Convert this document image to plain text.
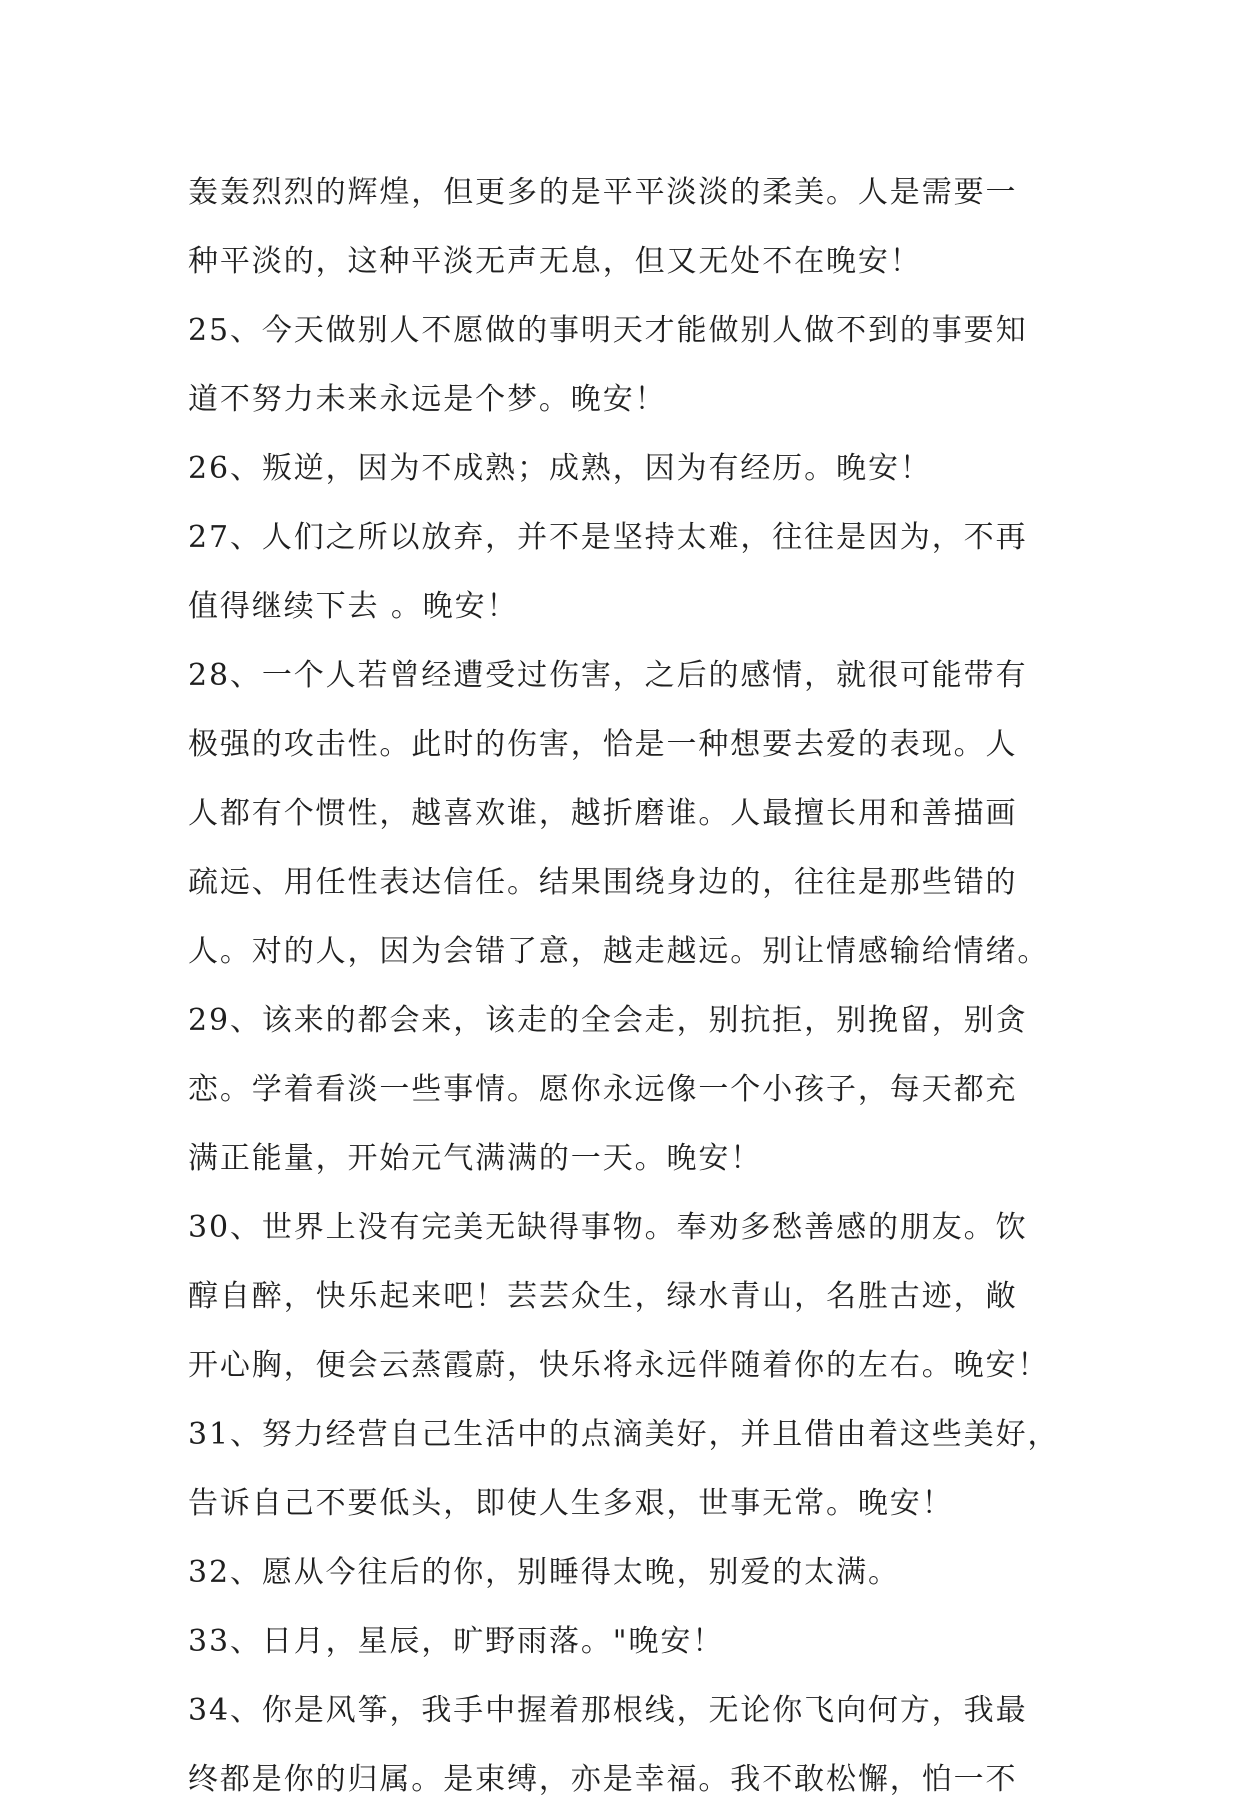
轰轰烈烈的辉煌，但更多的是平平淡淡的柔美。人是需要一
种平淡的，这种平淡无声无息，但又无处不在晚安！
25、今天做别人不愿做的事明天才能做别人做不到的事要知
道不努力未来永远是个梦。晚安！
26、叛逆，因为不成熟；成熟，因为有经历。晚安！
27、人们之所以放弃，并不是坚持太难，往往是因为，不再
值得继续下去 。晚安！
28、一个人若曾经遭受过伤害，之后的感情，就很可能带有
极强的攻击性。此时的伤害，恰是一种想要去爱的表现。人
人都有个惯性，越喜欢谁，越折磨谁。人最擅长用和善描画
疏远、用任性表达信任。结果围绕身边的，往往是那些错的
人。对的人，因为会错了意，越走越远。别让情感输给情绪。
29、该来的都会来，该走的全会走，别抗拒，别挽留，别贪
恋。学着看淡一些事情。愿你永远像一个小孩子，每天都充
满正能量，开始元气满满的一天。晚安！
30、世界上没有完美无缺得事物。奉劝多愁善感的朋友。饮
醇自醉，快乐起来吧！芸芸众生，绿水青山，名胜古迹，敞
开心胸，便会云蒸霞蔚，快乐将永远伴随着你的左右。晚安！
31、努力经营自己生活中的点滴美好，并且借由着这些美好，
告诉自己不要低头，即使人生多艰，世事无常。晚安！
32、愿从今往后的你，别睡得太晚，别爱的太满。
33、日月，星辰，旷野雨落。"晚安！
34、你是风筝，我手中握着那根线，无论你飞向何方，我最
终都是你的归属。是束缚，亦是幸福。我不敢松懈，怕一不
